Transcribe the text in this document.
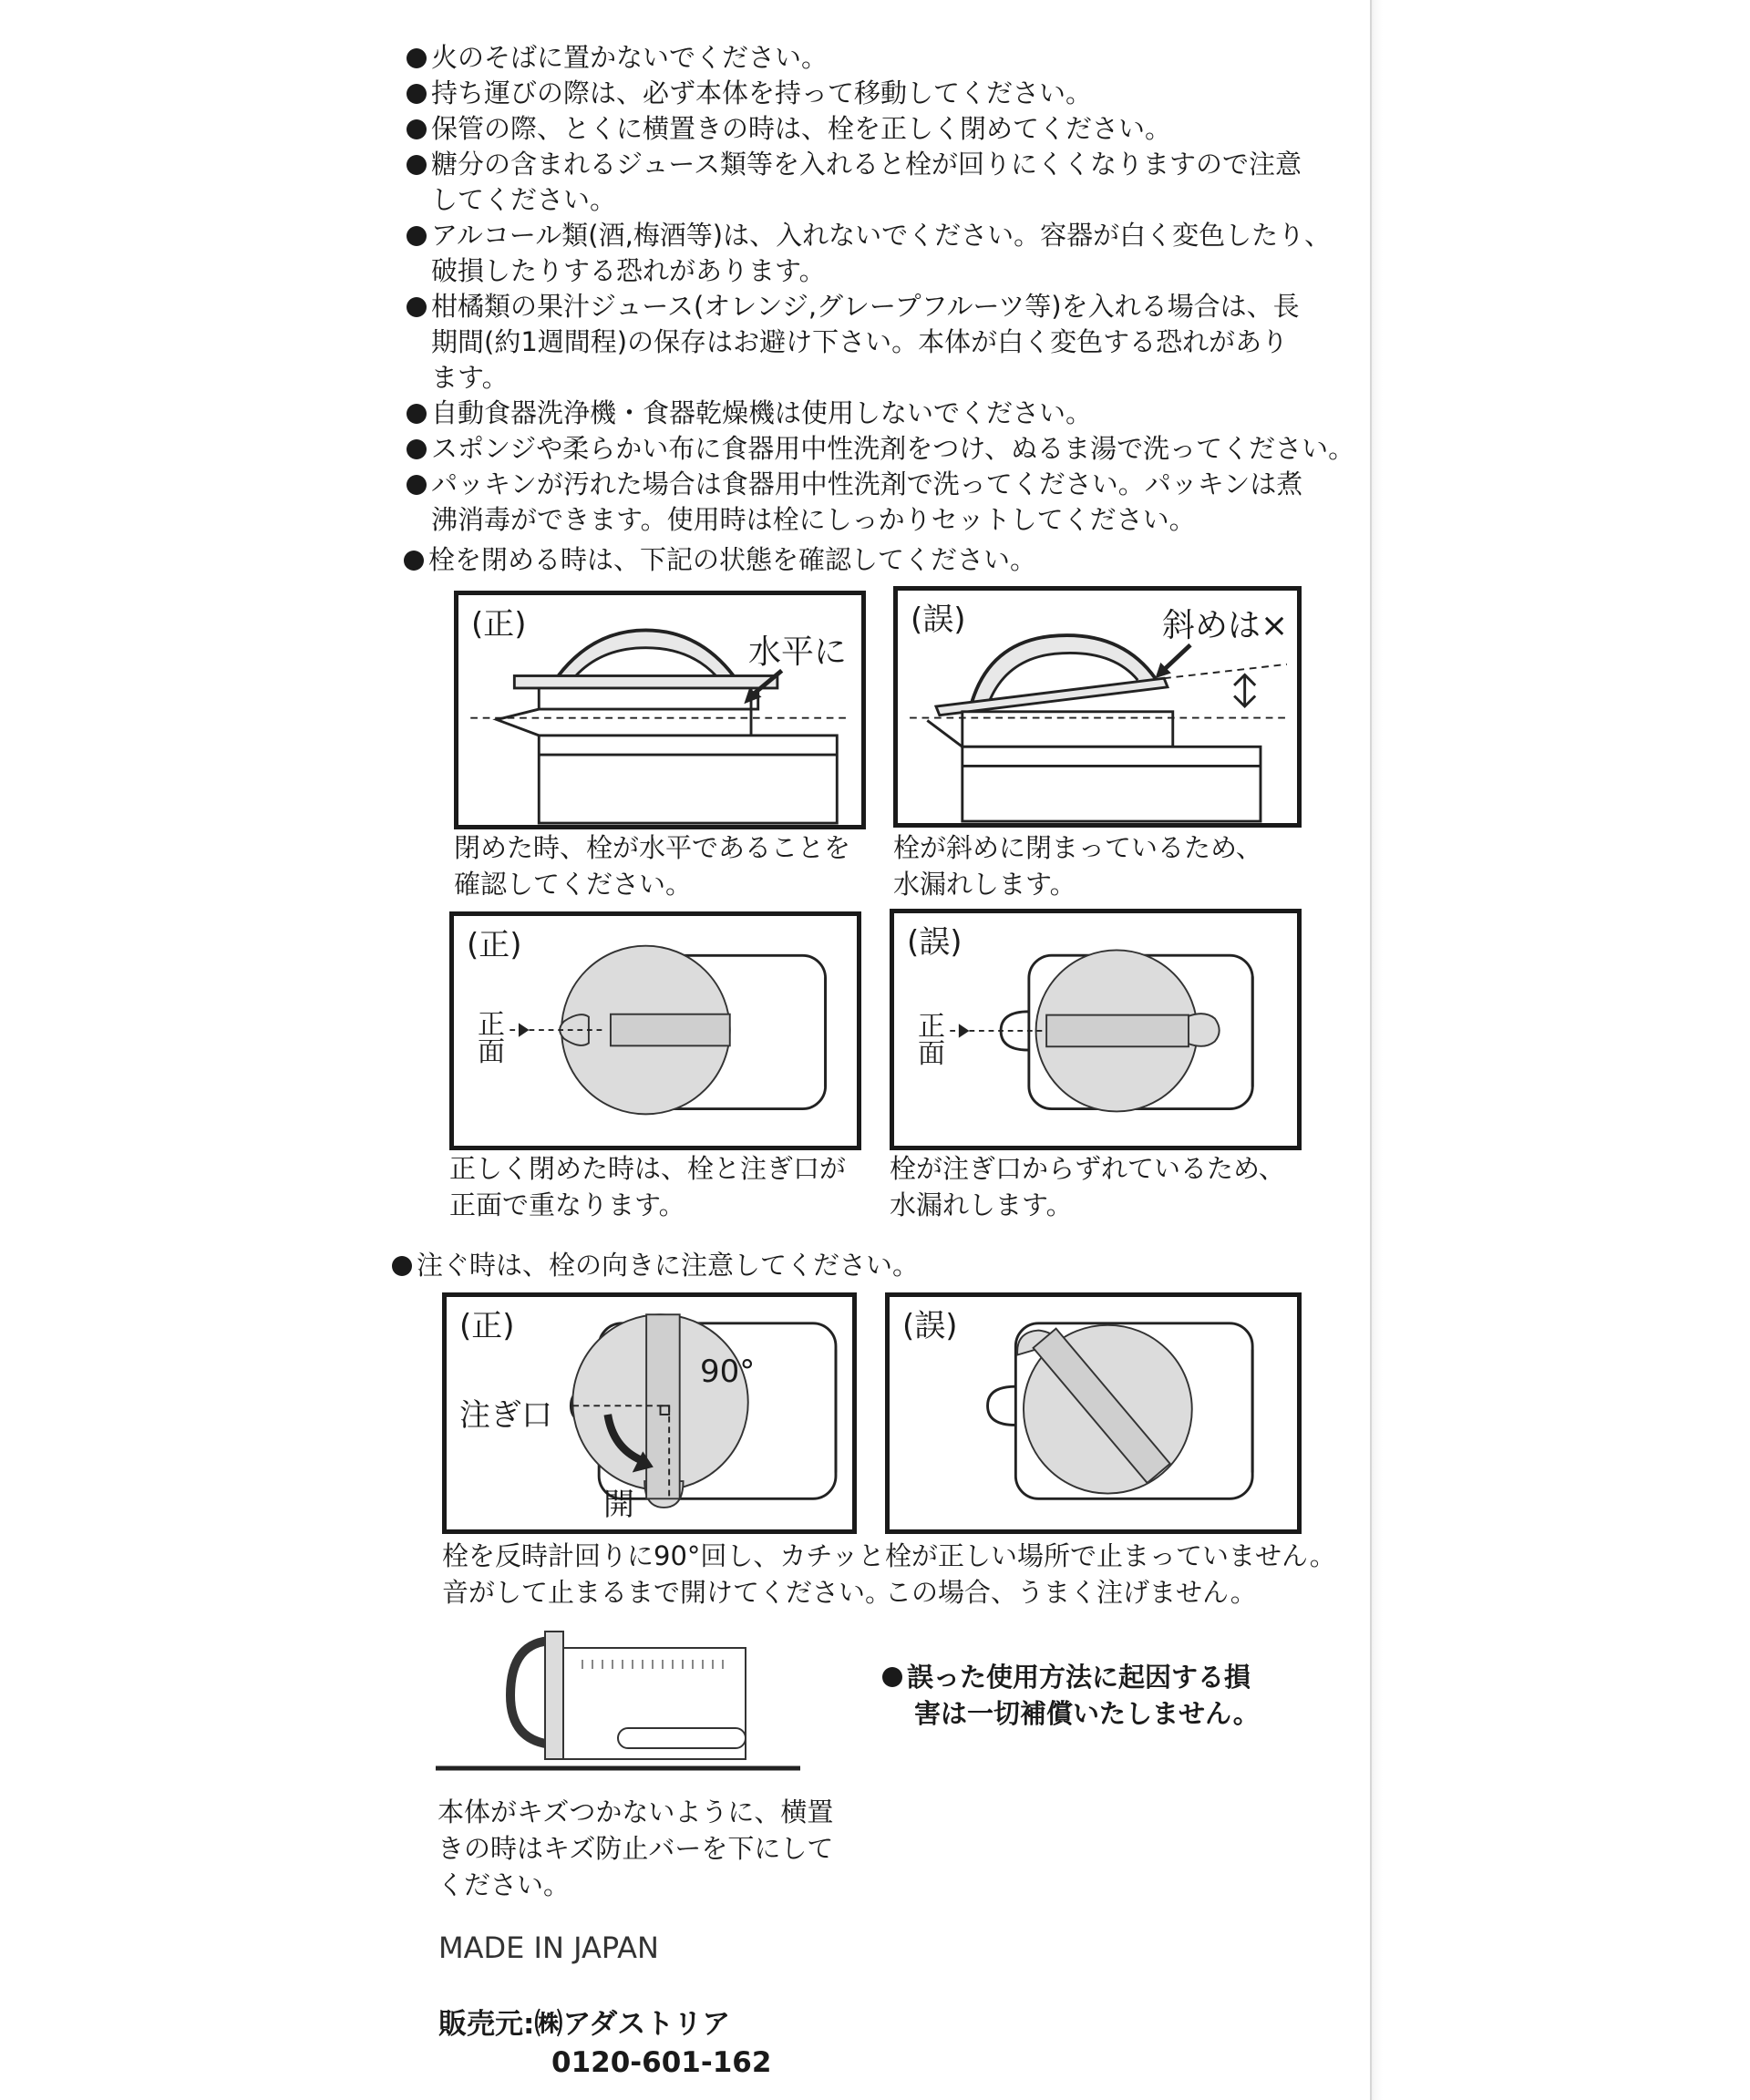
火のそばに置かないでください。
持ち運びの際は、必ず本体を持って移動してください。
保管の際、とくに横置きの時は、栓を正しく閉めてください。
糖分の含まれるジュース類等を入れると栓が回りにくくなりますので注意
してください。
アルコール類(酒,梅酒等)は、入れないでください。容器が白く変色したり、
破損したりする恐れがあります。
柑橘類の果汁ジュース(オレンジ,グレープフルーツ等)を入れる場合は、長
期間(約1週間程)の保存はお避け下さい。本体が白く変色する恐れがあり
ます。
自動食器洗浄機・食器乾燥機は使用しないでください。
スポンジや柔らかい布に食器用中性洗剤をつけ、ぬるま湯で洗ってください。
パッキンが汚れた場合は食器用中性洗剤で洗ってください。パッキンは煮
沸消毒ができます。使用時は栓にしっかりセットしてください。
栓を閉める時は、下記の状態を確認してください。
(正)
水平に
閉めた時、栓が水平であることを
確認してください。
(誤)	斜めは×
栓が斜めに閉まっているため、
水漏れします。
(正)
正
面
正しく閉めた時は、栓と注ぎ口が
正面で重なります。
(誤)
正
面
栓が注ぎ口からずれているため、
水漏れします。
注ぐ時は、栓の向きに注意してください。
(正)
注ぎ口
90°
開
栓を反時計回りに90°回し、カチッと
音がして止まるまで開けてください。
(誤)
栓が正しい場所で止まっていません。
この場合、うまく注げません。
本体がキズつかないように、横置
きの時はキズ防止バーを下にして
ください。
誤った使用方法に起因する損
害は一切補償いたしません。
MADE IN JAPAN
販売元:㈱アダストリア
0120-601-162
